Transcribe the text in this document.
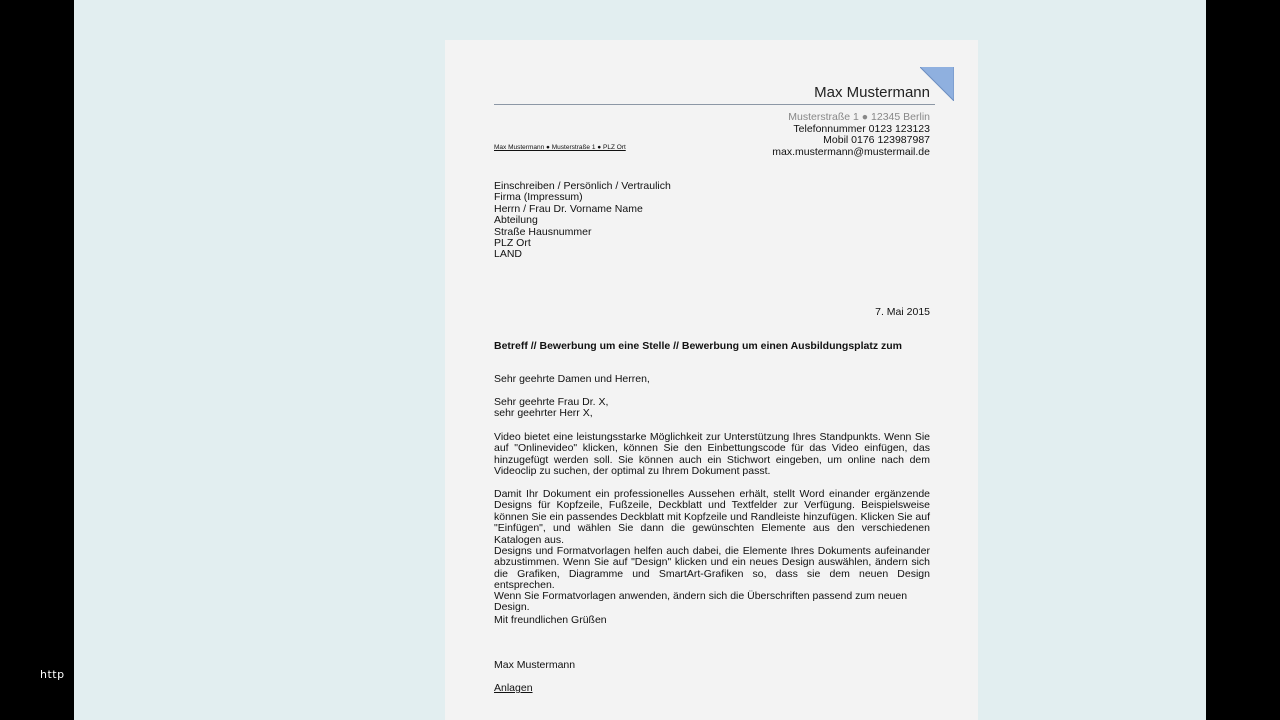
http
Max Mustermann
Musterstraße 1 ● 12345 Berlin
Telefonnummer 0123 123123
Mobil 0176 123987987
max.mustermann@mustermail.de
Max Mustermann ● Musterstraße 1 ● PLZ Ort
Einschreiben / Persönlich / Vertraulich
Firma (Impressum)
Herrn / Frau Dr. Vorname Name
Abteilung
Straße Hausnummer
PLZ Ort
LAND
7. Mai 2015
Betreff // Bewerbung um eine Stelle // Bewerbung um einen Ausbildungsplatz zum
Sehr geehrte Damen und Herren,
Sehr geehrte Frau Dr. X,
sehr geehrter Herr X,
Video bietet eine leistungsstarke Möglichkeit zur Unterstützung Ihres Standpunkts. Wenn Sie auf "Onlinevideo" klicken, können Sie den Einbettungscode für das Video einfügen, das hinzugefügt werden soll. Sie können auch ein Stichwort eingeben, um online nach dem Videoclip zu suchen, der optimal zu Ihrem Dokument passt.
Damit Ihr Dokument ein professionelles Aussehen erhält, stellt Word einander ergänzende Designs für Kopfzeile, Fußzeile, Deckblatt und Textfelder zur Verfügung. Beispielsweise können Sie ein passendes Deckblatt mit Kopfzeile und Randleiste hinzufügen. Klicken Sie auf "Einfügen", und wählen Sie dann die gewünschten Elemente aus den verschiedenen Katalogen aus.
Designs und Formatvorlagen helfen auch dabei, die Elemente Ihres Dokuments aufeinander abzustimmen. Wenn Sie auf "Design" klicken und ein neues Design auswählen, ändern sich die Grafiken, Diagramme und SmartArt-Grafiken so, dass sie dem neuen Design entsprechen.
Wenn Sie Formatvorlagen anwenden, ändern sich die Überschriften passend zum neuen Design.
Mit freundlichen Grüßen
Max Mustermann
Anlagen
